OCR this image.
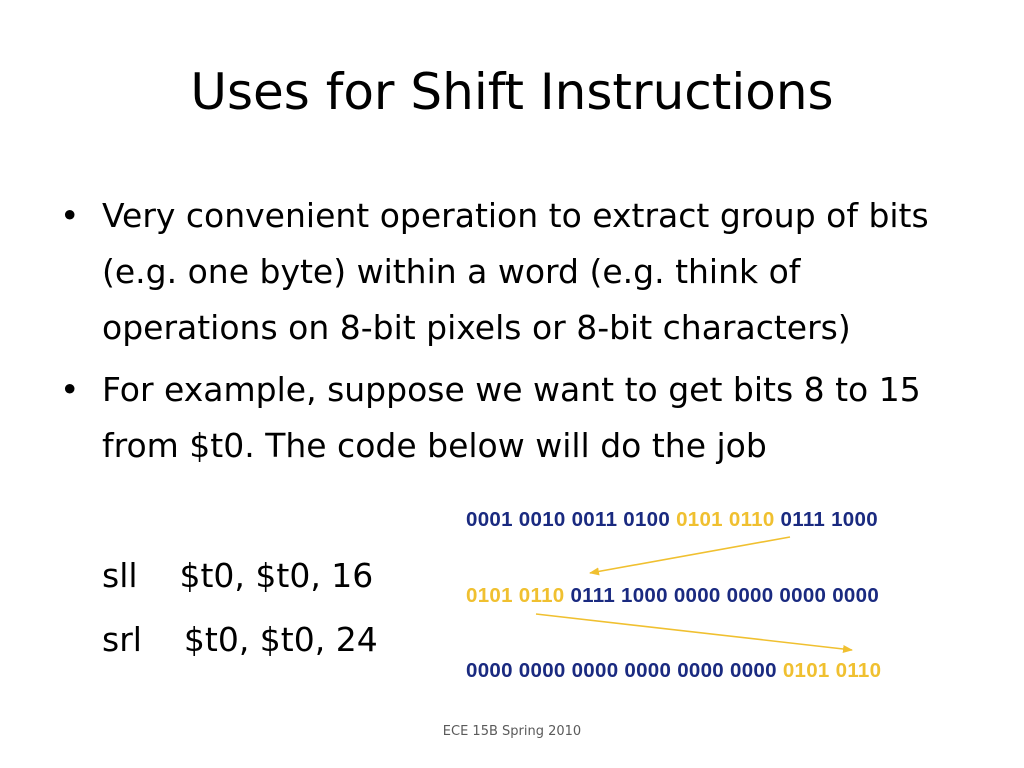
Uses for Shift Instructions
• Very convenient operation to extract group of bits (e.g. one byte) within a word (e.g. think of operations on 8-bit pixels or 8-bit characters)
• For example, suppose we want to get bits 8 to 15 from $t0. The code below will do the job
sll    $t0, $t0, 16
srl    $t0, $t0, 24
0001 0010 0011 0100 0101 0110 0111 1000
0101 0110 0111 1000 0000 0000 0000 0000
0000 0000 0000 0000 0000 0000 0101 0110
ECE 15B Spring 2010
